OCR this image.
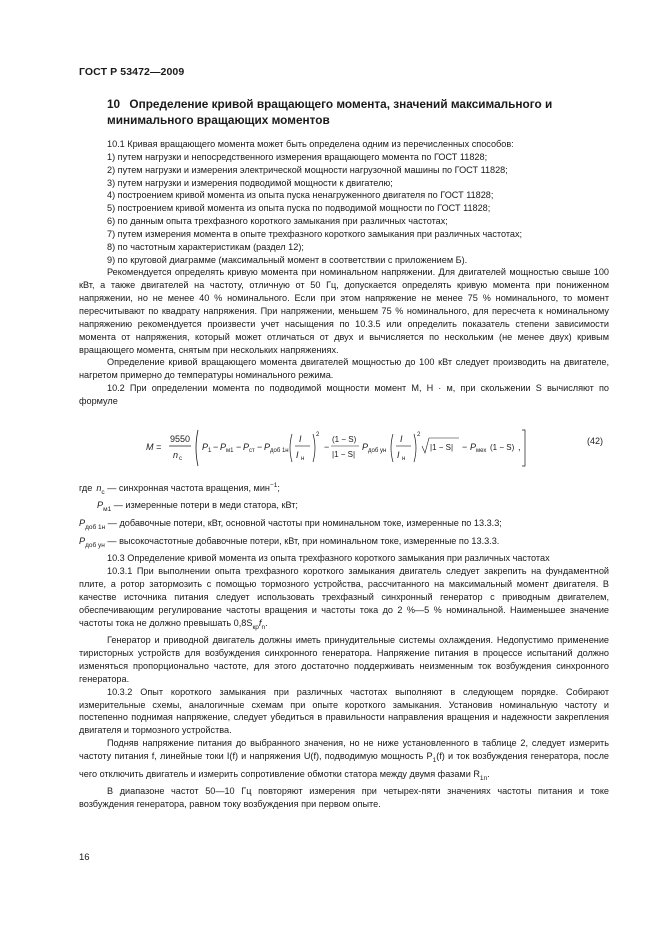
ГОСТ Р 53472—2009
10 Определение кривой вращающего момента, значений максимального и минимального вращающих моментов

10.1 Кривая вращающего момента может быть определена одним из перечисленных способов:

1) путем нагрузки и непосредственного измерения вращающего момента по ГОСТ 11828;

2) путем нагрузки и измерения электрической мощности нагрузочной машины по ГОСТ 11828;

3) путем нагрузки и измерения подводимой мощности к двигателю;

4) построением кривой момента из опыта пуска ненагруженного двигателя по ГОСТ 11828;

5) построением кривой момента из опыта пуска по подводимой мощности по ГОСТ 11828;

6) по данным опыта трехфазного короткого замыкания при различных частотах;

7) путем измерения момента в опыте трехфазного короткого замыкания при различных частотах;

8) по частотным характеристикам (раздел 12);

9) по круговой диаграмме (максимальный момент в соответствии с приложением Б).

Рекомендуется определять кривую момента при номинальном напряжении. Для двигателей мощностью свыше 100 кВт, а также двигателей на частоту, отличную от 50 Гц, допускается определять кривую момента при пониженном напряжении, но не менее 40 % номинального. Если при этом напряжение не менее 75 % номинального, то момент пересчитывают по квадрату напряжения. При напряжении, меньшем 75 % номинального, для пересчета к номинальному напряжению рекомендуется произвести учет насыщения по 10.3.5 или определить показатель степени зависимости момента от напряжения, который может отличаться от двух и вычисляется по нескольким (не менее двух) кривым вращающего момента, снятым при нескольких напряжениях.

Определение кривой вращающего момента двигателей мощностью до 100 кВт следует производить на двигателе, нагретом примерно до температуры номинального режима.

10.2 При определении момента по подводимой мощности момент M, Н · м, при скольжении S вычисляют по формуле

M =
9550
n c
P 1 − P м1 − P ст − P доб 1н
I
I н
2
−
(1 − S)
|1 − S|
P доб ун
I
I н
2
|1 − S| − P мех (1 − S) ,
(42)

где $n_c$ — синхронная частота вращения, мин$^{-1}$;

$P_{м1}$ — измеренные потери в меди статора, кВт;

$P_{доб 1н}$ — добавочные потери, кВт, основной частоты при номинальном токе, измеренные по 13.3.3;

$P_{доб ун}$ — высокочастотные добавочные потери, кВт, при номинальном токе, измеренные по 13.3.3.

10.3 Определение кривой момента из опыта трехфазного короткого замыкания при различных частотах

10.3.1 При выполнении опыта трехфазного короткого замыкания двигатель следует закрепить на фундаментной плите, а ротор затормозить с помощью тормозного устройства, рассчитанного на максимальный момент двигателя. В качестве источника питания следует использовать трехфазный синхронный генератор с приводным двигателем, обеспечивающим регулирование частоты вращения и частоты тока до 2 %—5 % номинальной. Наименьшее значение частоты тока не должно превышать $0,8S_{кр}f_n$.

Генератор и приводной двигатель должны иметь принудительные системы охлаждения. Недопустимо применение тиристорных устройств для возбуждения синхронного генератора. Напряжение питания в процессе испытаний должно изменяться пропорционально частоте, для этого достаточно поддерживать неизменным ток возбуждения синхронного генератора.

10.3.2 Опыт короткого замыкания при различных частотах выполняют в следующем порядке. Собирают измерительные схемы, аналогичные схемам при опыте короткого замыкания. Установив номинальную частоту и постепенно поднимая напряжение, следует убедиться в правильности направления вращения и надежности закрепления двигателя и тормозного устройства.

Подняв напряжение питания до выбранного значения, но не ниже установленного в таблице 2, следует измерить частоту питания f, линейные токи I(f) и напряжения U(f), подводимую мощность $P_1(f)$ и ток возбуждения генератора, после чего отключить двигатель и измерить сопротивление обмотки статора между двумя фазами $R_{1п}$.

В диапазоне частот 50—10 Гц повторяют измерения при четырех-пяти значениях частоты питания и токе возбуждения генератора, равном току возбуждения при первом опыте.

16
